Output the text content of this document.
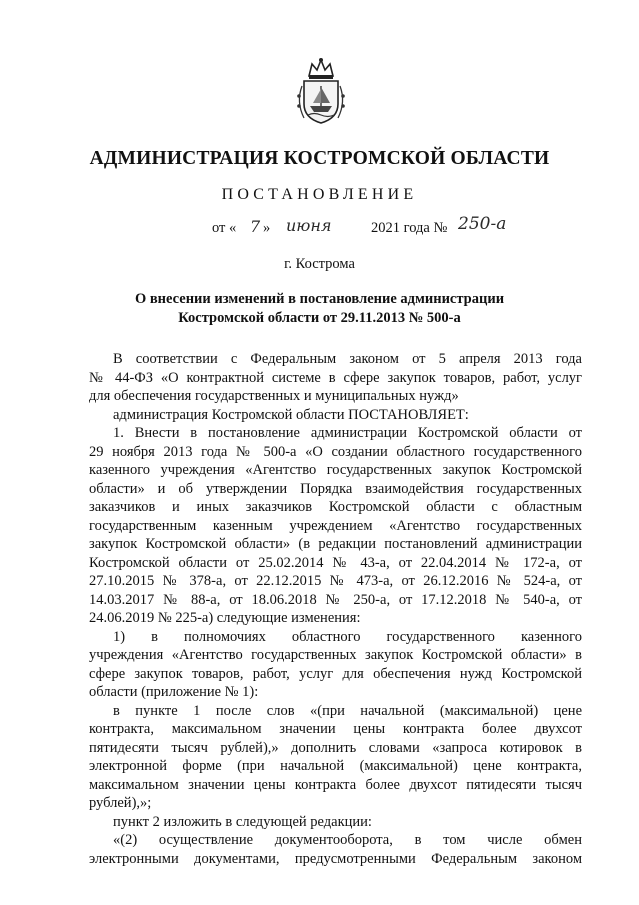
АДМИНИСТРАЦИЯ КОСТРОМСКОЙ ОБЛАСТИ
ПОСТАНОВЛЕНИЕ
от « 7 » июня	2021 года № 250-а
г. Кострома
О внесении изменений в постановление администрации
Костромской области от 29.11.2013 № 500-а

В соответствии с Федеральным законом от 5 апреля 2013 года

№ 44-ФЗ «О контрактной системе в сфере закупок товаров, работ, услуг

для обеспечения государственных и муниципальных нужд»

администрация Костромской области ПОСТАНОВЛЯЕТ:

1. Внести в постановление администрации Костромской области от

29 ноября 2013 года № 500-а «О создании областного государственного

казенного учреждения «Агентство государственных закупок Костромской

области» и об утверждении Порядка взаимодействия государственных

заказчиков и иных заказчиков Костромской области с областным

государственным казенным учреждением «Агентство государственных

закупок Костромской области» (в редакции постановлений администрации

Костромской области от 25.02.2014 № 43-а, от 22.04.2014 № 172-а, от

27.10.2015 № 378-а, от 22.12.2015 № 473-а, от 26.12.2016 № 524-а, от

14.03.2017 № 88-а, от 18.06.2018 № 250-а, от 17.12.2018 № 540-а, от

24.06.2019 № 225-а) следующие изменения:

1) в полномочиях областного государственного казенного

учреждения «Агентство государственных закупок Костромской области» в

сфере закупок товаров, работ, услуг для обеспечения нужд Костромской

области (приложение № 1):

в пункте 1 после слов «(при начальной (максимальной) цене

контракта, максимальном значении цены контракта более двухсот

пятидесяти тысяч рублей),» дополнить словами «запроса котировок в

электронной форме (при начальной (максимальной) цене контракта,

максимальном значении цены контракта более двухсот пятидесяти тысяч

рублей),»;

пункт 2 изложить в следующей редакции:

«(2) осуществление документооборота, в том числе обмен

электронными документами, предусмотренными Федеральным законом
